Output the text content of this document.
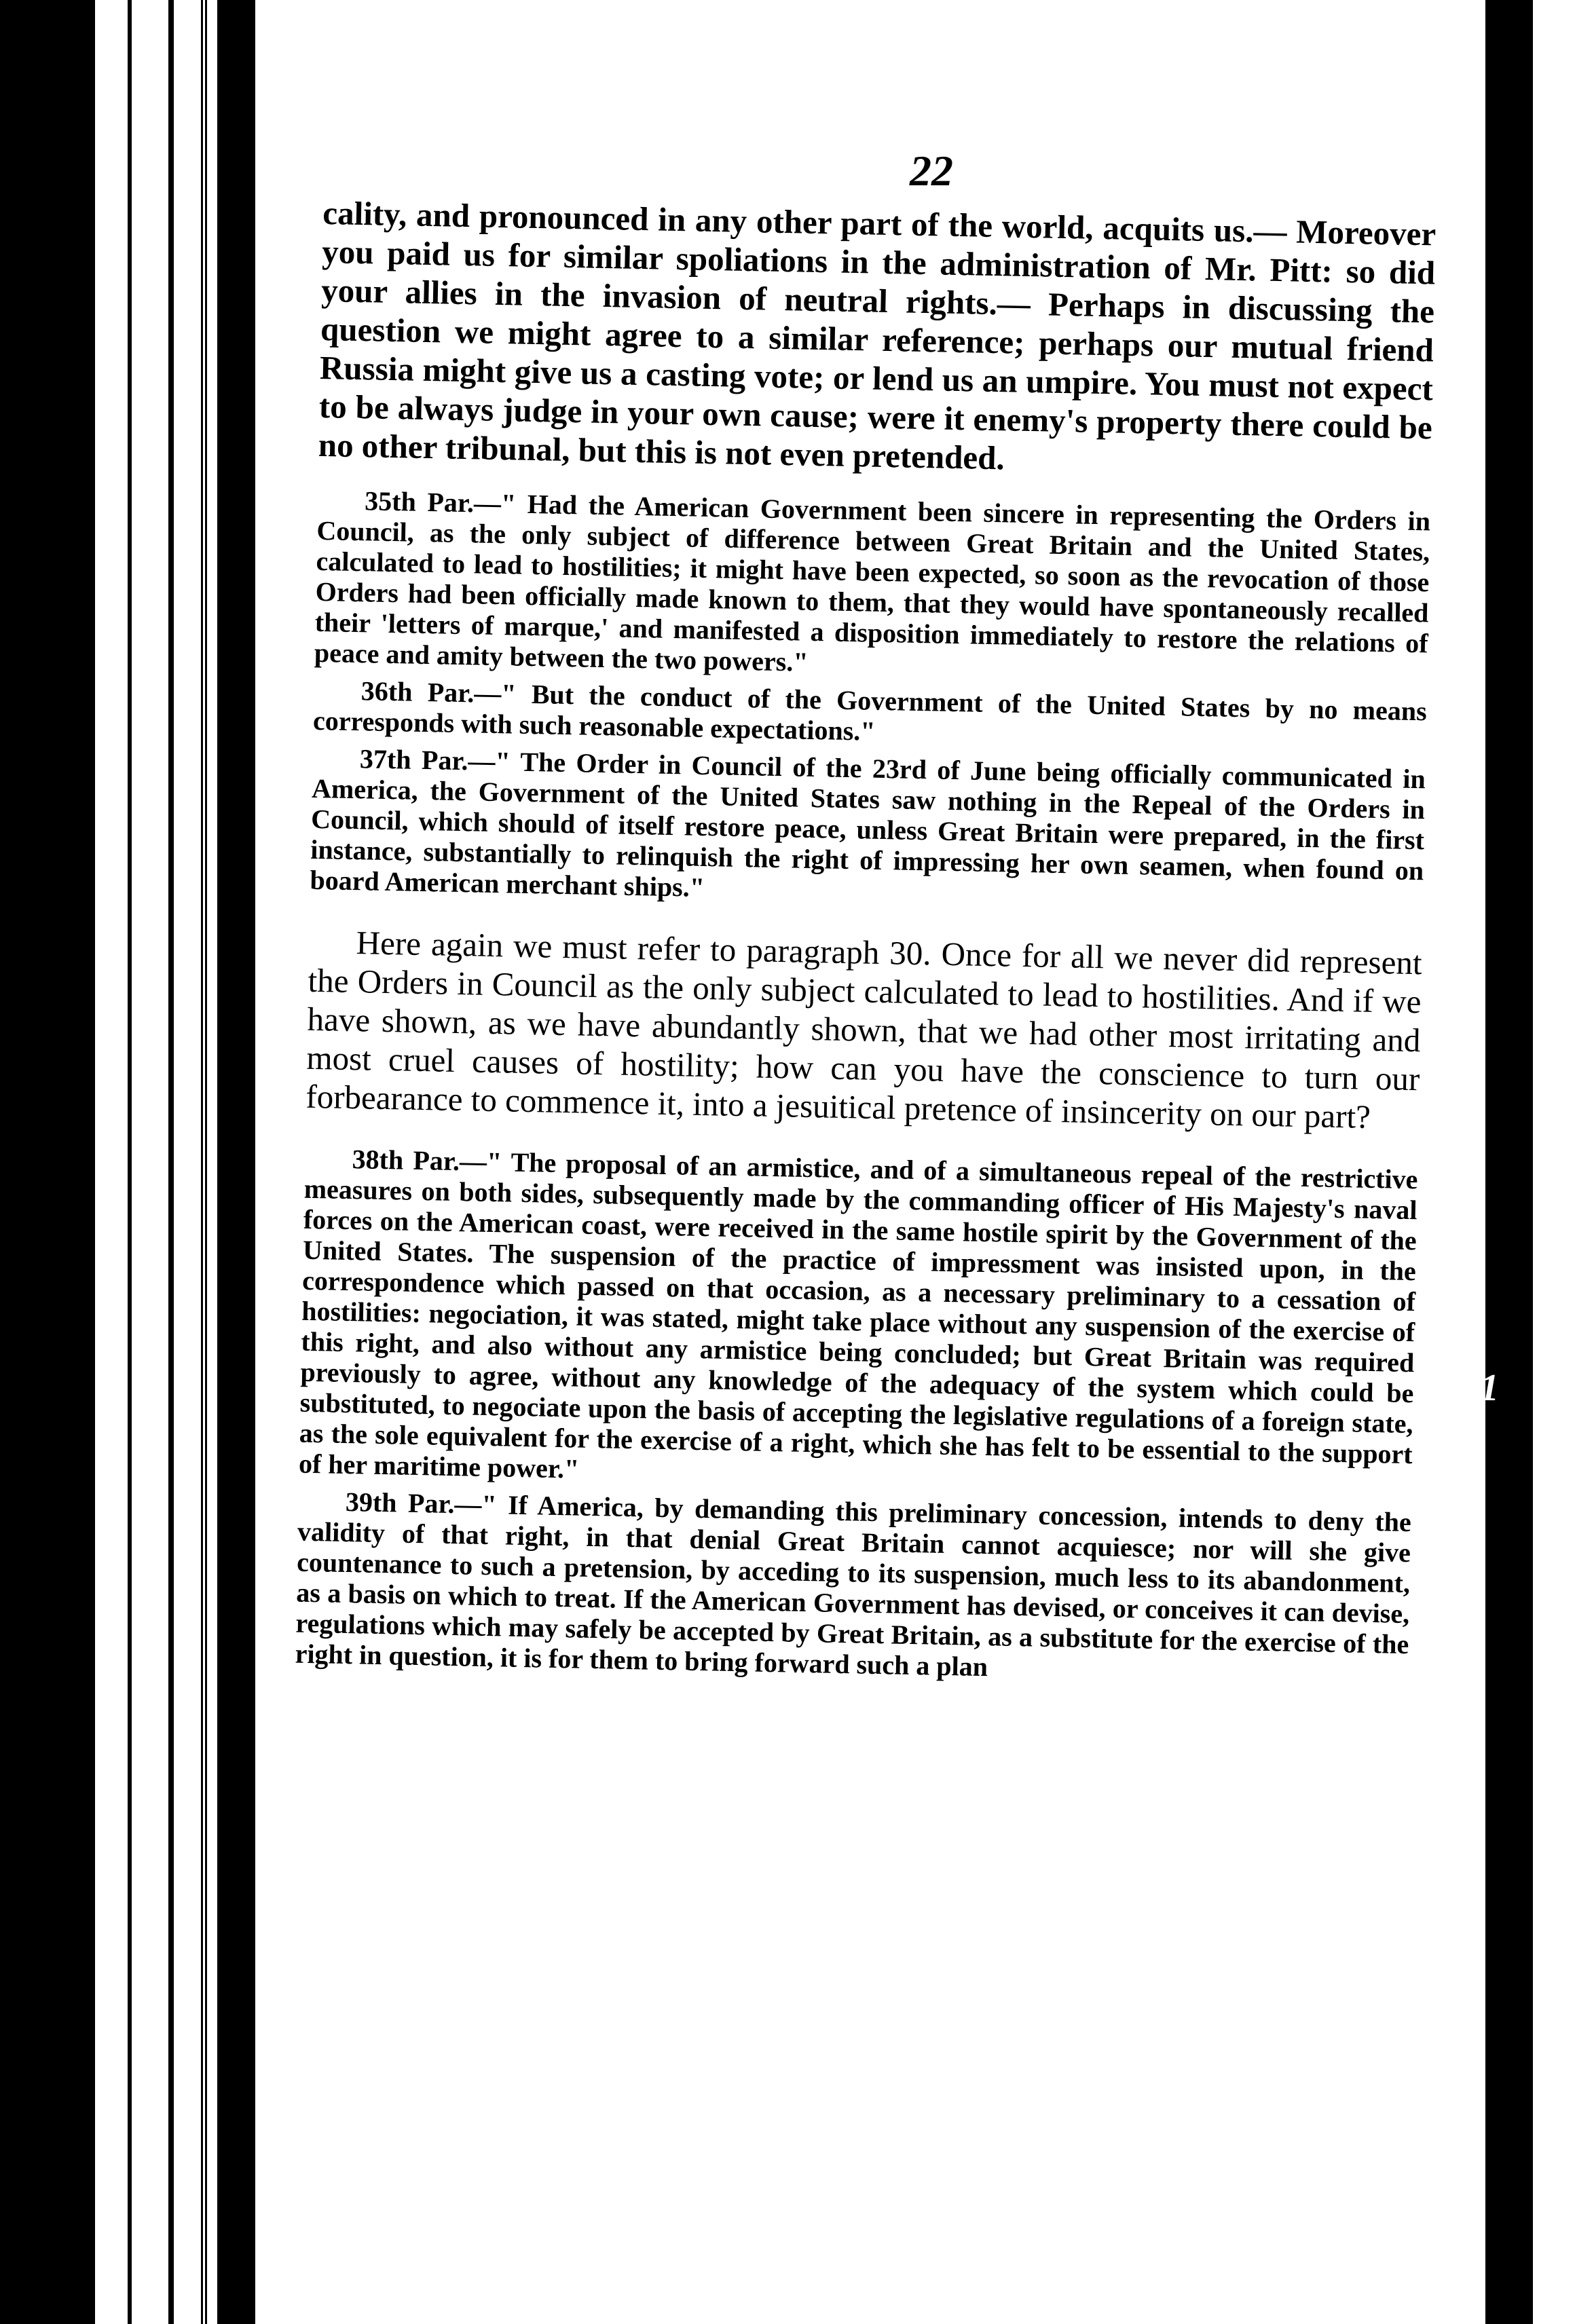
22

cality, and pronounced in any other part of the world, acquits us.— Moreover you paid us for similar spoliations in the administration of Mr. Pitt: so did your allies in the invasion of neutral rights.— Perhaps in discussing the question we might agree to a similar reference; perhaps our mutual friend Russia might give us a casting vote; or lend us an umpire. You must not expect to be always judge in your own cause; were it enemy's property there could be no other tribunal, but this is not even pretended.

35th Par.—" Had the American Government been sincere in representing the Orders in Council, as the only subject of difference between Great Britain and the United States, calculated to lead to hostilities; it might have been expected, so soon as the revocation of those Orders had been officially made known to them, that they would have spontaneously recalled their 'letters of marque,' and manifested a disposition immediately to restore the relations of peace and amity between the two powers."

36th Par.—" But the conduct of the Government of the United States by no means corresponds with such reasonable expectations."

37th Par.—" The Order in Council of the 23rd of June being officially communicated in America, the Government of the United States saw nothing in the Repeal of the Orders in Council, which should of itself restore peace, unless Great Britain were prepared, in the first instance, substantially to relinquish the right of impressing her own seamen, when found on board American merchant ships."

Here again we must refer to paragraph 30. Once for all we never did represent the Orders in Council as the only subject calculated to lead to hostilities. And if we have shown, as we have abundantly shown, that we had other most irritating and most cruel causes of hostility; how can you have the conscience to turn our forbearance to commence it, into a jesuitical pretence of insincerity on our part?

38th Par.—" The proposal of an armistice, and of a simultaneous repeal of the restrictive measures on both sides, subsequently made by the commanding officer of His Majesty's naval forces on the American coast, were received in the same hostile spirit by the Government of the United States. The suspension of the practice of impressment was insisted upon, in the correspondence which passed on that occasion, as a necessary preliminary to a cessation of hostilities: negociation, it was stated, might take place without any suspension of the exercise of this right, and also without any armistice being concluded; but Great Britain was required previously to agree, without any knowledge of the adequacy of the system which could be substituted, to negociate upon the basis of accepting the legislative regulations of a foreign state, as the sole equivalent for the exercise of a right, which she has felt to be essential to the support of her maritime power."

39th Par.—" If America, by demanding this preliminary concession, intends to deny the validity of that right, in that denial Great Britain cannot acquiesce; nor will she give countenance to such a pretension, by acceding to its suspension, much less to its abandonment, as a basis on which to treat. If the American Government has devised, or conceives it can devise, regulations which may safely be accepted by Great Britain, as a substitute for the exercise of the right in question, it is for them to bring forward such a plan

1
